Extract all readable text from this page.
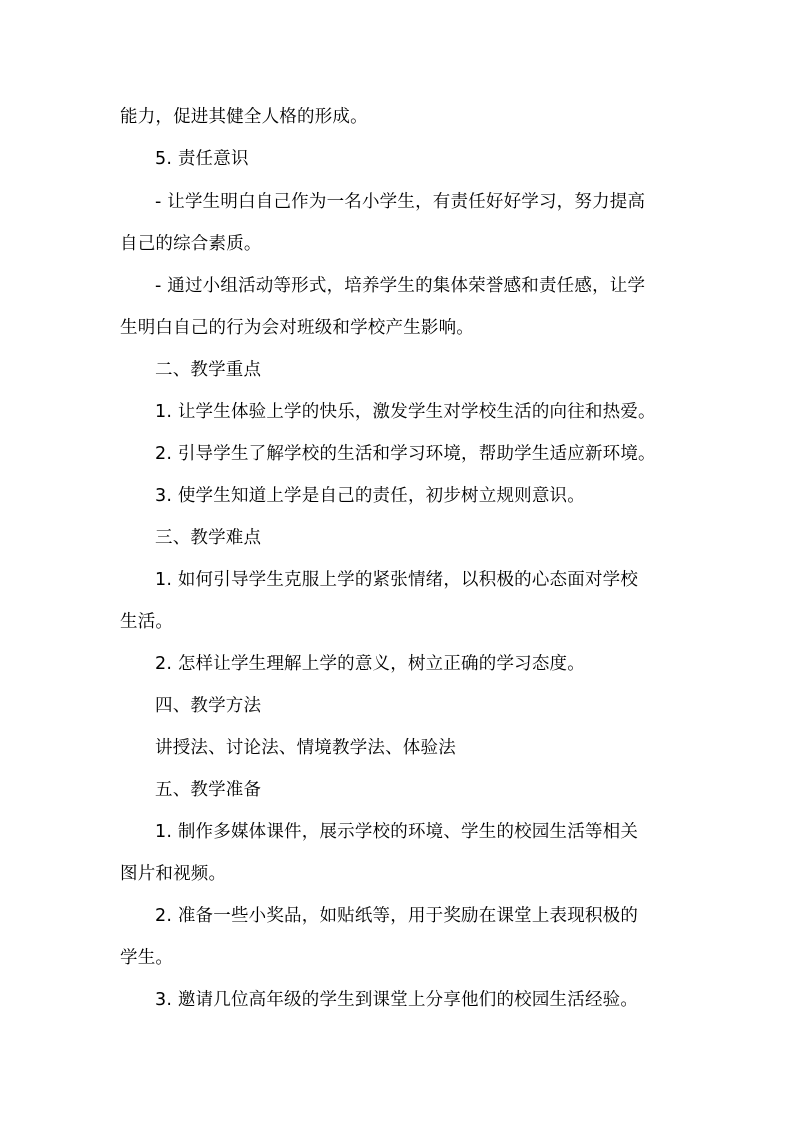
能力，促进其健全人格的形成。
5. 责任意识
- 让学生明白自己作为一名小学生，有责任好好学习，努力提高
自己的综合素质。
- 通过小组活动等形式，培养学生的集体荣誉感和责任感，让学
生明白自己的行为会对班级和学校产生影响。
二、教学重点
1. 让学生体验上学的快乐，激发学生对学校生活的向往和热爱。
2. 引导学生了解学校的生活和学习环境，帮助学生适应新环境。
3. 使学生知道上学是自己的责任，初步树立规则意识。
三、教学难点
1. 如何引导学生克服上学的紧张情绪，以积极的心态面对学校
生活。
2. 怎样让学生理解上学的意义，树立正确的学习态度。
四、教学方法
讲授法、讨论法、情境教学法、体验法
五、教学准备
1. 制作多媒体课件，展示学校的环境、学生的校园生活等相关
图片和视频。
2. 准备一些小奖品，如贴纸等，用于奖励在课堂上表现积极的
学生。
3. 邀请几位高年级的学生到课堂上分享他们的校园生活经验。
